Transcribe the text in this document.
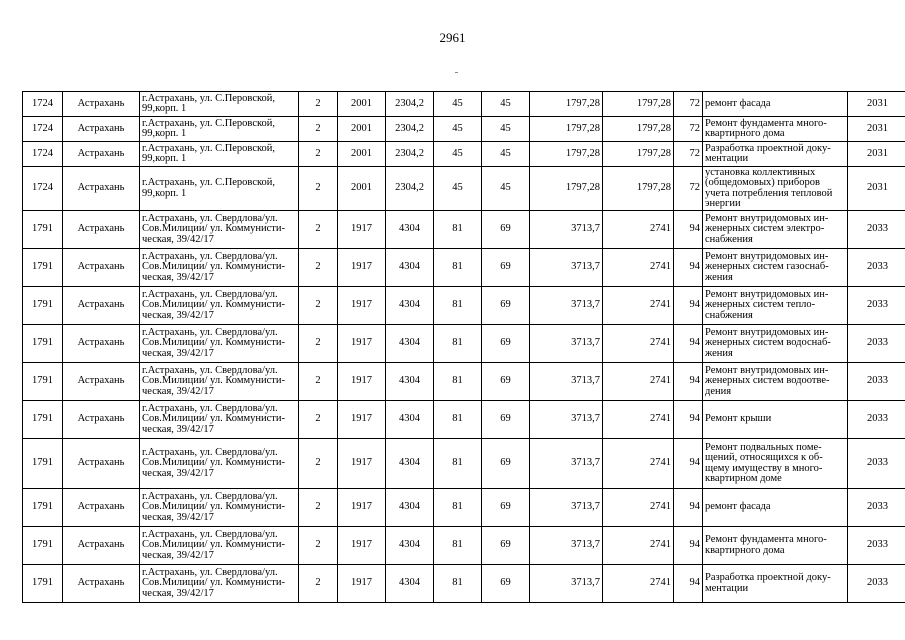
2961
1724	Астрахань	г.Астрахань, ул. С.Перовской, 99,корп. 1	2	2001	2304,2	45	45	1797,28	1797,28	72	ремонт фасада	2031
1724	Астрахань	г.Астрахань, ул. С.Перовской, 99,корп. 1	2	2001	2304,2	45	45	1797,28	1797,28	72	Ремонт фундамента много-квартирного дома	2031
1724	Астрахань	г.Астрахань, ул. С.Перовской, 99,корп. 1	2	2001	2304,2	45	45	1797,28	1797,28	72	Разработка проектной доку-ментации	2031
1724	Астрахань	г.Астрахань, ул. С.Перовской, 99,корп. 1	2	2001	2304,2	45	45	1797,28	1797,28	72	установка коллективных (общедомовых) приборов учета потребления тепловой энергии	2031
1791	Астрахань	г.Астрахань, ул. Свердлова/ул. Сов.Милиции/ ул. Коммунисти-ческая, 39/42/17	2	1917	4304	81	69	3713,7	2741	94	Ремонт внутридомовых ин-женерных систем электро-снабжения	2033
1791	Астрахань	г.Астрахань, ул. Свердлова/ул. Сов.Милиции/ ул. Коммунисти-ческая, 39/42/17	2	1917	4304	81	69	3713,7	2741	94	Ремонт внутридомовых ин-женерных систем газоснаб-жения	2033
1791	Астрахань	г.Астрахань, ул. Свердлова/ул. Сов.Милиции/ ул. Коммунисти-ческая, 39/42/17	2	1917	4304	81	69	3713,7	2741	94	Ремонт внутридомовых ин-женерных систем тепло-снабжения	2033
1791	Астрахань	г.Астрахань, ул. Свердлова/ул. Сов.Милиции/ ул. Коммунисти-ческая, 39/42/17	2	1917	4304	81	69	3713,7	2741	94	Ремонт внутридомовых ин-женерных систем водоснаб-жения	2033
1791	Астрахань	г.Астрахань, ул. Свердлова/ул. Сов.Милиции/ ул. Коммунисти-ческая, 39/42/17	2	1917	4304	81	69	3713,7	2741	94	Ремонт внутридомовых ин-женерных систем водоотве-дения	2033
1791	Астрахань	г.Астрахань, ул. Свердлова/ул. Сов.Милиции/ ул. Коммунисти-ческая, 39/42/17	2	1917	4304	81	69	3713,7	2741	94	Ремонт крыши	2033
1791	Астрахань	г.Астрахань, ул. Свердлова/ул. Сов.Милиции/ ул. Коммунисти-ческая, 39/42/17	2	1917	4304	81	69	3713,7	2741	94	Ремонт подвальных поме-щений, относящихся к об-щему имуществу в много-квартирном доме	2033
1791	Астрахань	г.Астрахань, ул. Свердлова/ул. Сов.Милиции/ ул. Коммунисти-ческая, 39/42/17	2	1917	4304	81	69	3713,7	2741	94	ремонт фасада	2033
1791	Астрахань	г.Астрахань, ул. Свердлова/ул. Сов.Милиции/ ул. Коммунисти-ческая, 39/42/17	2	1917	4304	81	69	3713,7	2741	94	Ремонт фундамента много-квартирного дома	2033
1791	Астрахань	г.Астрахань, ул. Свердлова/ул. Сов.Милиции/ ул. Коммунисти-ческая, 39/42/17	2	1917	4304	81	69	3713,7	2741	94	Разработка проектной доку-ментации	2033
